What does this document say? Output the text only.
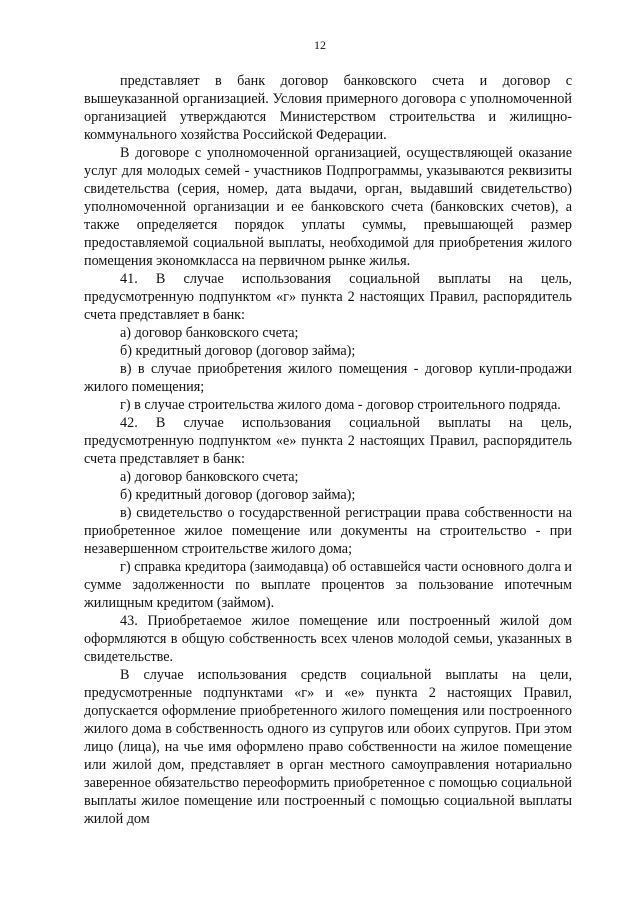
12

представляет в банк договор банковского счета и договор с вышеуказанной организацией. Условия примерного договора с уполномоченной организацией утверждаются Министерством строительства и жилищно-коммунального хозяйства Российской Федерации.

В договоре с уполномоченной организацией, осуществляющей оказание услуг для молодых семей - участников Подпрограммы, указываются реквизиты свидетельства (серия, номер, дата выдачи, орган, выдавший свидетельство) уполномоченной организации и ее банковского счета (банковских счетов), а также определяется порядок уплаты суммы, превышающей размер предоставляемой социальной выплаты, необходимой для приобретения жилого помещения экономкласса на первичном рынке жилья.

41. В случае использования социальной выплаты на цель, предусмотренную подпунктом «г» пункта 2 настоящих Правил, распорядитель счета представляет в банк:

а) договор банковского счета;

б) кредитный договор (договор займа);

в) в случае приобретения жилого помещения - договор купли-продажи жилого помещения;

г) в случае строительства жилого дома - договор строительного подряда.

42. В случае использования социальной выплаты на цель, предусмотренную подпунктом «е» пункта 2 настоящих Правил, распорядитель счета представляет в банк:

а) договор банковского счета;

б) кредитный договор (договор займа);

в) свидетельство о государственной регистрации права собственности на приобретенное жилое помещение или документы на строительство - при незавершенном строительстве жилого дома;

г) справка кредитора (заимодавца) об оставшейся части основного долга и сумме задолженности по выплате процентов за пользование ипотечным жилищным кредитом (займом).

43. Приобретаемое жилое помещение или построенный жилой дом оформляются в общую собственность всех членов молодой семьи, указанных в свидетельстве.

В случае использования средств социальной выплаты на цели, предусмотренные подпунктами «г» и «е» пункта 2 настоящих Правил, допускается оформление приобретенного жилого помещения или построенного жилого дома в собственность одного из супругов или обоих супругов. При этом лицо (лица), на чье имя оформлено право собственности на жилое помещение или жилой дом, представляет в орган местного самоуправления нотариально заверенное обязательство переоформить приобретенное с помощью социальной выплаты жилое помещение или построенный с помощью социальной выплаты жилой дом
